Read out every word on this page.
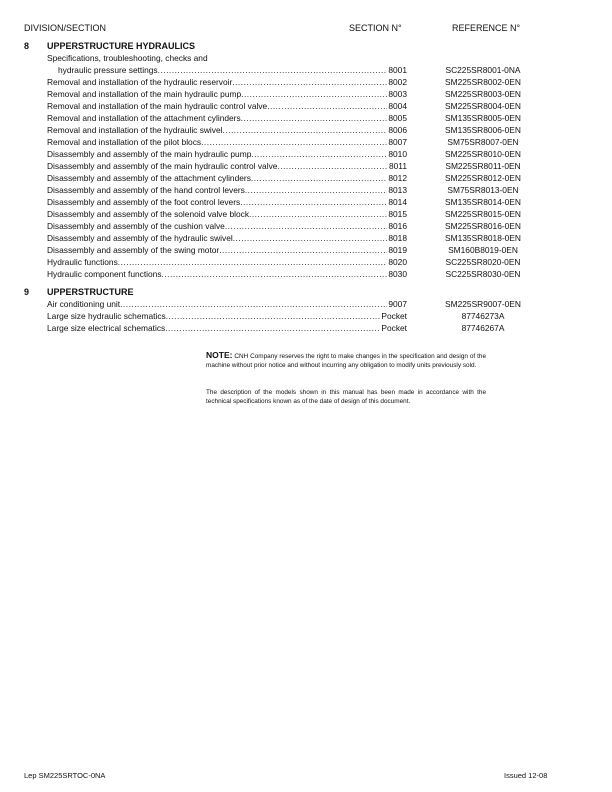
DIVISION/SECTION	SECTION N°	REFERENCE N°
8 UPPERSTRUCTURE HYDRAULICS
Specifications, troubleshooting, checks and
hydraulic pressure settings .....	8001	SC225SR8001-0NA
Removal and installation of the hydraulic reservoir .....	8002	SM225SR8002-0EN
Removal and installation of the main hydraulic pump .....	8003	SM225SR8003-0EN
Removal and installation of the main hydraulic control valve .....	8004	SM225SR8004-0EN
Removal and installation of the attachment cylinders .....	8005	SM135SR8005-0EN
Removal and installation of the hydraulic swivel .....	8006	SM135SR8006-0EN
Removal and installation of the pilot blocs .....	8007	SM75SR8007-0EN
Disassembly and assembly of the main hydraulic pump .....	8010	SM225SR8010-0EN
Disassembly and assembly of the main hydraulic control valve .....	8011	SM225SR8011-0EN
Disassembly and assembly of the attachment cylinders .....	8012	SM225SR8012-0EN
Disassembly and assembly of the hand control levers .....	8013	SM75SR8013-0EN
Disassembly and assembly of the foot control levers .....	8014	SM135SR8014-0EN
Disassembly and assembly of the solenoid valve block .....	8015	SM225SR8015-0EN
Disassembly and assembly of the cushion valve .....	8016	SM225SR8016-0EN
Disassembly and assembly of the hydraulic swivel .....	8018	SM135SR8018-0EN
Disassembly and assembly of the swing motor .....	8019	SM160B8019-0EN
Hydraulic functions .....	8020	SC225SR8020-0EN
Hydraulic component functions .....	8030	SC225SR8030-0EN
9 UPPERSTRUCTURE
Air conditioning unit .....	9007	SM225SR9007-0EN
Large size hydraulic schematics .....	Pocket	87746273A
Large size electrical schematics .....	Pocket	87746267A
NOTE: CNH Company reserves the right to make changes in the specification and design of the machine without prior notice and without incurring any obligation to modify units previously sold.
The description of the models shown in this manual has been made in accordance with the technical specifications known as of the date of design of this document.
Lep SM225SRTOC-0NA	Issued 12-08
